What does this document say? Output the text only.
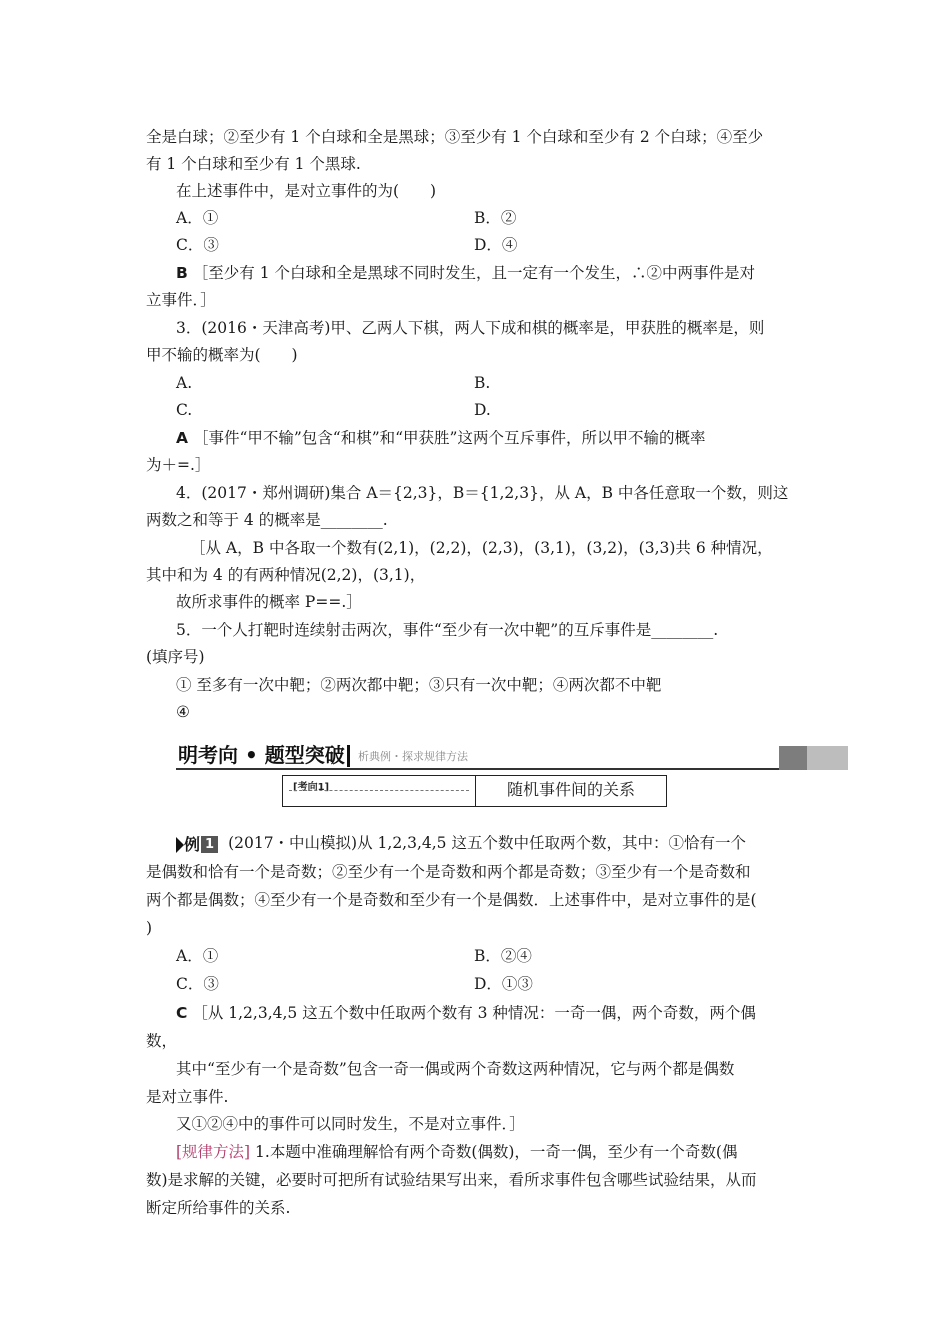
全是白球；②至少有 1 个白球和全是黑球；③至少有 1 个白球和至少有 2 个白球；④至少
有 1 个白球和至少有 1 个黑球.
在上述事件中，是对立事件的为(　　)
A．①	B．②
C．③	D．④
B ［至少有 1 个白球和全是黑球不同时发生，且一定有一个发生，∴②中两事件是对
立事件．］
3．(2016・天津高考)甲、乙两人下棋，两人下成和棋的概率是，甲获胜的概率是，则
甲不输的概率为(　　)
A.	B.
C.	D.
A ［事件“甲不输”包含“和棋”和“甲获胜”这两个互斥事件，所以甲不输的概率
为＋=.］
4．(2017・郑州调研)集合 A＝{2,3}，B＝{1,2,3}，从 A，B 中各任意取一个数，则这
两数之和等于 4 的概率是________.
［从 A，B 中各取一个数有(2,1)，(2,2)，(2,3)，(3,1)，(3,2)，(3,3)共 6 种情况，
其中和为 4 的有两种情况(2,2)，(3,1)，
故所求事件的概率 P==.］
5．一个人打靶时连续射击两次，事件“至少有一次中靶”的互斥事件是________.
(填序号)
① 至多有一次中靶；②两次都中靶；③只有一次中靶；④两次都不中靶
④
明考向 • 题型突破 析典例・探求规律方法
[考向1]	随机事件间的关系
例 1 (2017・中山模拟)从 1,2,3,4,5 这五个数中任取两个数，其中：①恰有一个
是偶数和恰有一个是奇数；②至少有一个是奇数和两个都是奇数；③至少有一个是奇数和
两个都是偶数；④至少有一个是奇数和至少有一个是偶数．上述事件中，是对立事件的是(
)
A．①	B．②④
C．③	D．①③
C ［从 1,2,3,4,5 这五个数中任取两个数有 3 种情况：一奇一偶，两个奇数，两个偶
数，
其中“至少有一个是奇数”包含一奇一偶或两个奇数这两种情况，它与两个都是偶数
是对立事件.
又①②④中的事件可以同时发生，不是对立事件．］
[规律方法] 1.本题中准确理解恰有两个奇数(偶数)，一奇一偶，至少有一个奇数(偶
数)是求解的关键，必要时可把所有试验结果写出来，看所求事件包含哪些试验结果，从而
断定所给事件的关系.
